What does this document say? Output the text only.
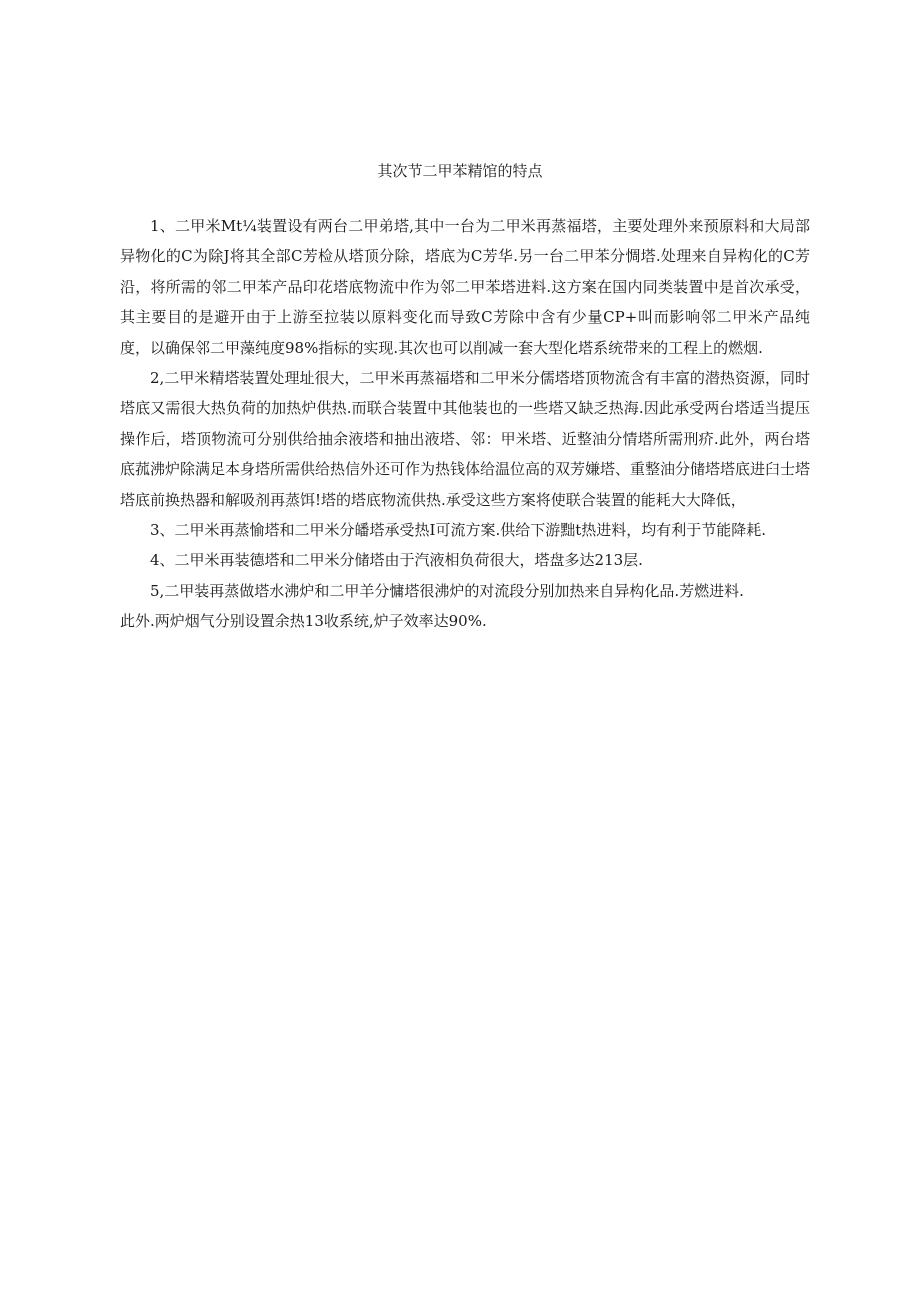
其次节二甲苯精馆的特点

1、二甲米Mt¼装置设有两台二甲弟塔,其中一台为二甲米再蒸福塔，主要处理外来预原料和大局部异物化的C为除J将其全部C芳检从塔顶分除，塔底为C芳华.另一台二甲苯分惆塔.处理来自异构化的C芳沿，将所需的邻二甲苯产品印花塔底物流中作为邻二甲苯塔进料.这方案在国内同类装置中是首次承受，其主要目的是避开由于上游至拉装以原料变化而导致C芳除中含有少量CP+叫而影响邻二甲米产品纯度，以确保邻二甲藻纯度98%指标的实现.其次也可以削减一套大型化塔系统带来的工程上的燃烟.

2,二甲米精塔装置处理址很大，二甲米再蒸福塔和二甲米分儒塔塔顶物流含有丰富的潜热资源，同时塔底又需很大热负荷的加热炉供热.而联合装置中其他装也的一些塔又缺乏热海.因此承受两台塔适当提压操作后，塔顶物流可分别供给抽余液塔和抽出液塔、邻：甲米塔、近整油分情塔所需刑疥.此外，两台塔底菰沸炉除满足本身塔所需供给热信外还可作为热钱体给温位高的双芳嫌塔、重整油分储塔塔底进臼士塔塔底前换热器和解吸剂再蒸饵!塔的塔底物流供热.承受这些方案将使联合装置的能耗大大降低，

3、二甲米再蒸愉塔和二甲米分皤塔承受热I可流方案.供给下游黜t热进料，均有利于节能降耗.

4、二甲米再装德塔和二甲米分储塔由于汽液相负荷很大，塔盘多达213层.

5,二甲装再蒸做塔水沸炉和二甲羊分慵塔很沸炉的对流段分别加热来自异构化品.芳燃进料.

此外.两炉烟气分别设置余热13收系统,炉子效率达90%.
